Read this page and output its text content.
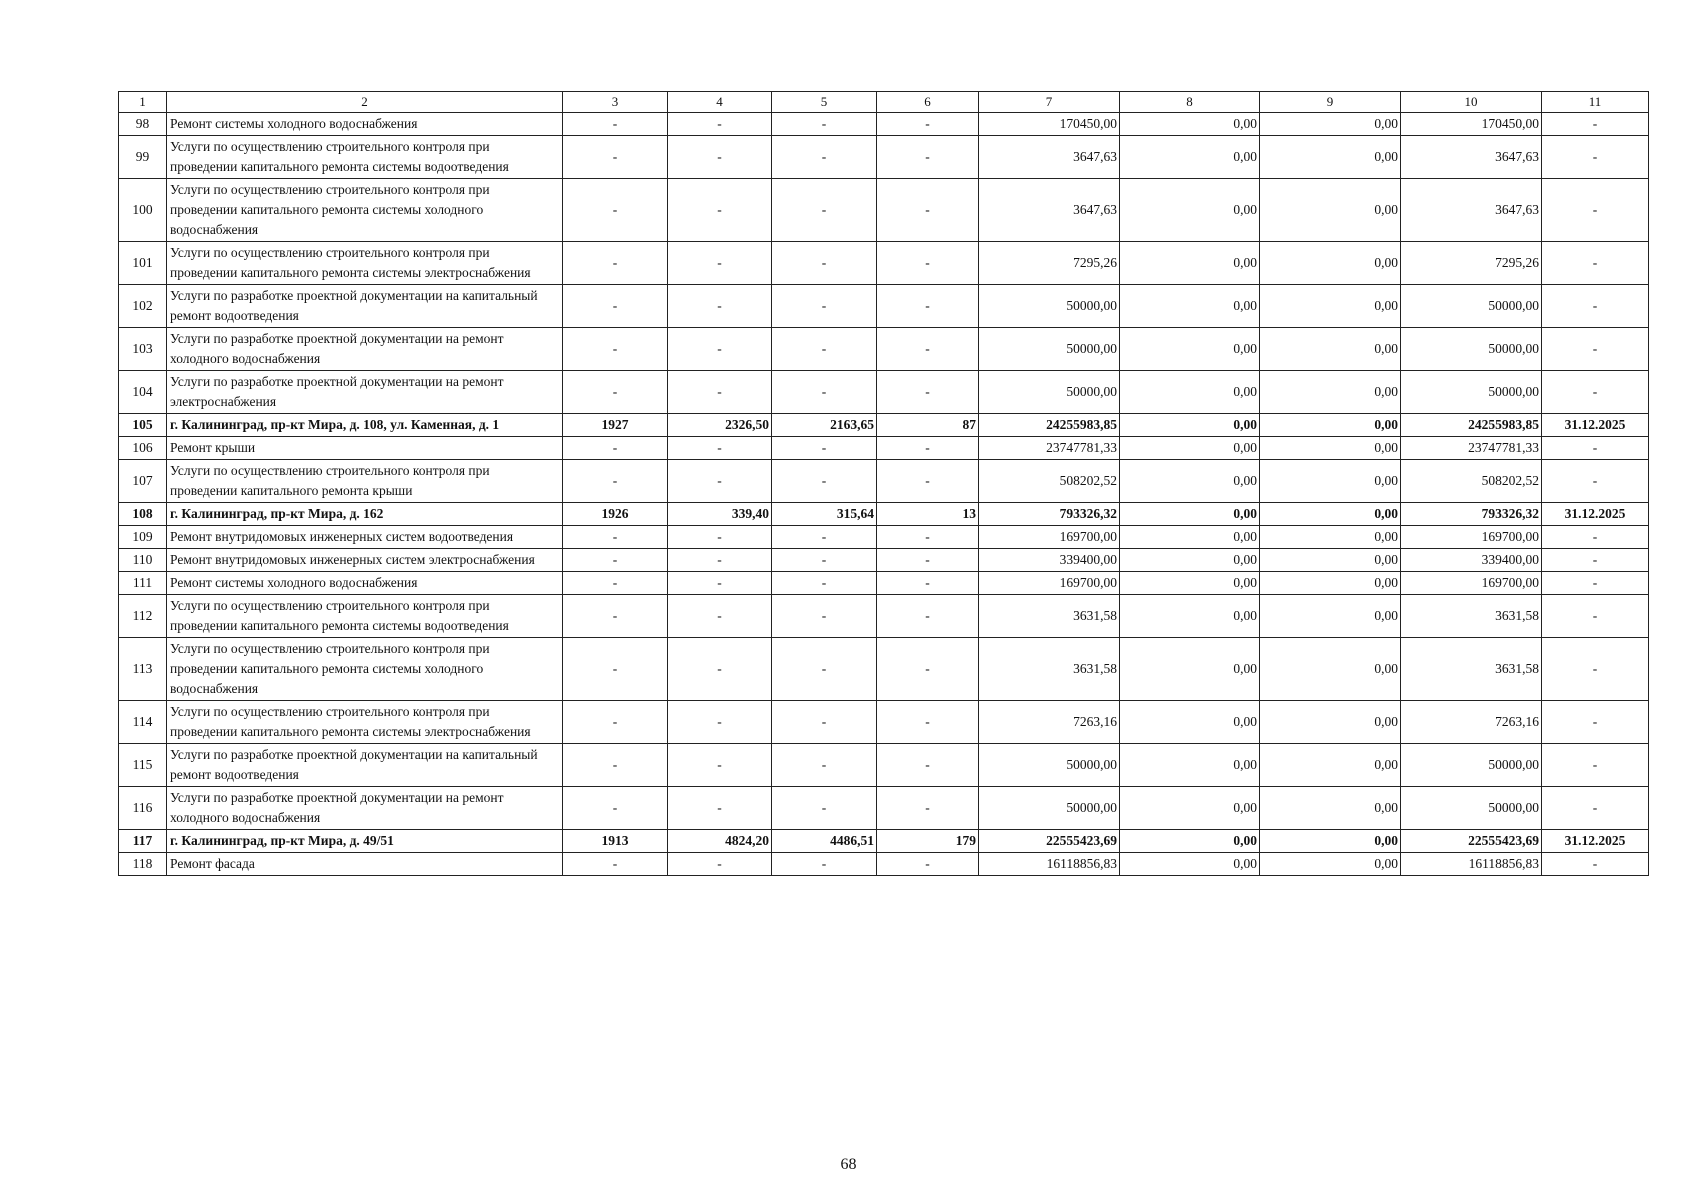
1	2	3	4	5	6	7	8	9	10	11
98	Ремонт системы холодного водоснабжения	-	-	-	-	170450,00	0,00	0,00	170450,00	-
99	Услуги по осуществлению строительного контроля при проведении капитального ремонта системы водоотведения	-	-	-	-	3647,63	0,00	0,00	3647,63	-
100	Услуги по осуществлению строительного контроля при проведении капитального ремонта системы холодного водоснабжения	-	-	-	-	3647,63	0,00	0,00	3647,63	-
101	Услуги по осуществлению строительного контроля при проведении капитального ремонта системы электроснабжения	-	-	-	-	7295,26	0,00	0,00	7295,26	-
102	Услуги по разработке проектной документации на капитальный ремонт водоотведения	-	-	-	-	50000,00	0,00	0,00	50000,00	-
103	Услуги по разработке проектной документации на ремонт холодного водоснабжения	-	-	-	-	50000,00	0,00	0,00	50000,00	-
104	Услуги по разработке проектной документации на ремонт электроснабжения	-	-	-	-	50000,00	0,00	0,00	50000,00	-
105	г. Калининград, пр-кт Мира, д. 108, ул. Каменная, д. 1	1927	2326,50	2163,65	87	24255983,85	0,00	0,00	24255983,85	31.12.2025
106	Ремонт крыши	-	-	-	-	23747781,33	0,00	0,00	23747781,33	-
107	Услуги по осуществлению строительного контроля при проведении капитального ремонта крыши	-	-	-	-	508202,52	0,00	0,00	508202,52	-
108	г. Калининград, пр-кт Мира, д. 162	1926	339,40	315,64	13	793326,32	0,00	0,00	793326,32	31.12.2025
109	Ремонт внутридомовых инженерных систем водоотведения	-	-	-	-	169700,00	0,00	0,00	169700,00	-
110	Ремонт внутридомовых инженерных систем электроснабжения	-	-	-	-	339400,00	0,00	0,00	339400,00	-
111	Ремонт системы холодного водоснабжения	-	-	-	-	169700,00	0,00	0,00	169700,00	-
112	Услуги по осуществлению строительного контроля при проведении капитального ремонта системы водоотведения	-	-	-	-	3631,58	0,00	0,00	3631,58	-
113	Услуги по осуществлению строительного контроля при проведении капитального ремонта системы холодного водоснабжения	-	-	-	-	3631,58	0,00	0,00	3631,58	-
114	Услуги по осуществлению строительного контроля при проведении капитального ремонта системы электроснабжения	-	-	-	-	7263,16	0,00	0,00	7263,16	-
115	Услуги по разработке проектной документации на капитальный ремонт водоотведения	-	-	-	-	50000,00	0,00	0,00	50000,00	-
116	Услуги по разработке проектной документации на ремонт холодного водоснабжения	-	-	-	-	50000,00	0,00	0,00	50000,00	-
117	г. Калининград, пр-кт Мира, д. 49/51	1913	4824,20	4486,51	179	22555423,69	0,00	0,00	22555423,69	31.12.2025
118	Ремонт фасада	-	-	-	-	16118856,83	0,00	0,00	16118856,83	-
68
